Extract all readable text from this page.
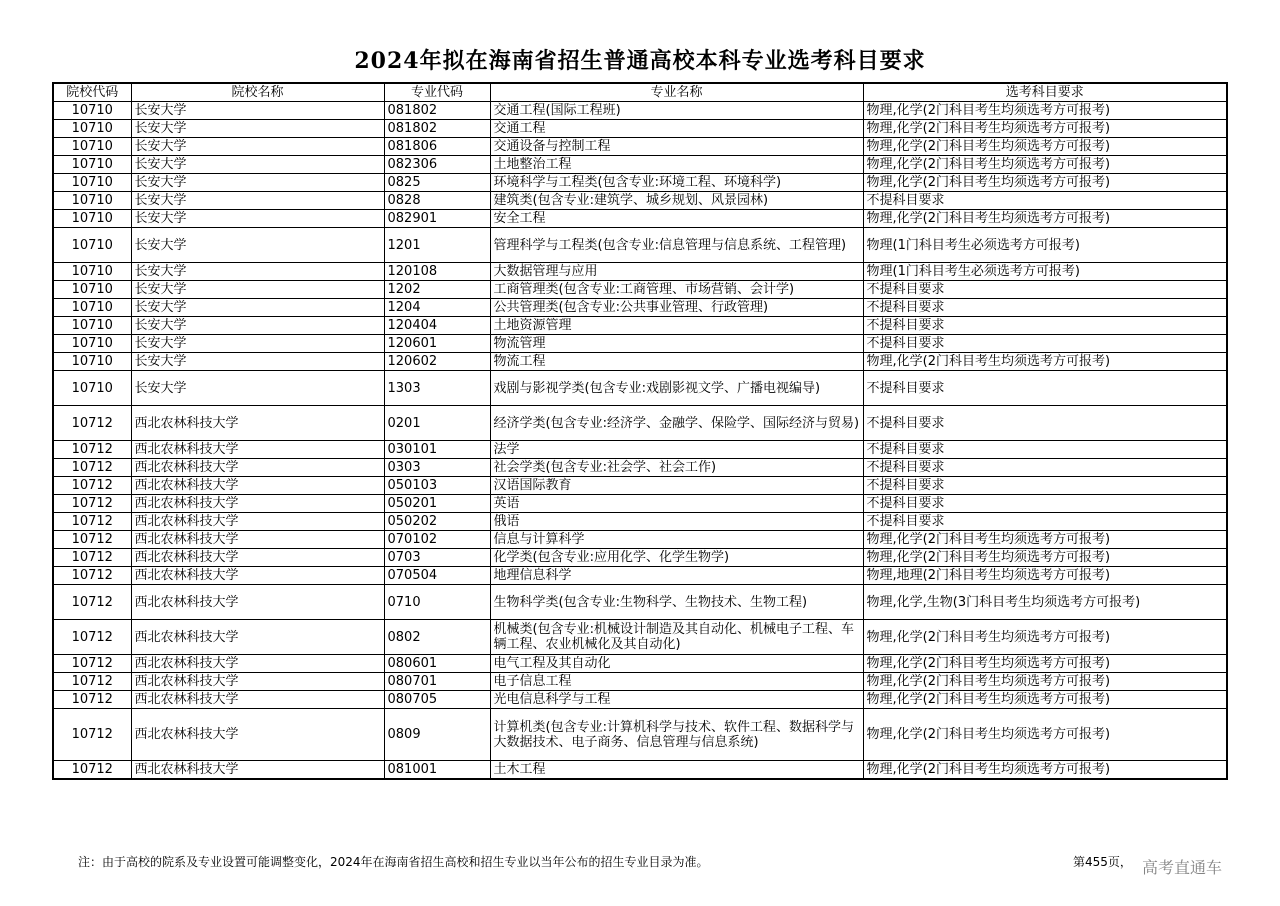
2024年拟在海南省招生普通高校本科专业选考科目要求
院校代码	院校名称	专业代码	专业名称	选考科目要求
10710	长安大学	081802	交通工程(国际工程班)	物理,化学(2门科目考生均须选考方可报考)
10710	长安大学	081802	交通工程	物理,化学(2门科目考生均须选考方可报考)
10710	长安大学	081806	交通设备与控制工程	物理,化学(2门科目考生均须选考方可报考)
10710	长安大学	082306	土地整治工程	物理,化学(2门科目考生均须选考方可报考)
10710	长安大学	0825	环境科学与工程类(包含专业:环境工程、环境科学)	物理,化学(2门科目考生均须选考方可报考)
10710	长安大学	0828	建筑类(包含专业:建筑学、城乡规划、风景园林)	不提科目要求
10710	长安大学	082901	安全工程	物理,化学(2门科目考生均须选考方可报考)
10710	长安大学	1201	管理科学与工程类(包含专业:信息管理与信息系统、工程管理)	物理(1门科目考生必须选考方可报考)
10710	长安大学	120108	大数据管理与应用	物理(1门科目考生必须选考方可报考)
10710	长安大学	1202	工商管理类(包含专业:工商管理、市场营销、会计学)	不提科目要求
10710	长安大学	1204	公共管理类(包含专业:公共事业管理、行政管理)	不提科目要求
10710	长安大学	120404	土地资源管理	不提科目要求
10710	长安大学	120601	物流管理	不提科目要求
10710	长安大学	120602	物流工程	物理,化学(2门科目考生均须选考方可报考)
10710	长安大学	1303	戏剧与影视学类(包含专业:戏剧影视文学、广播电视编导)	不提科目要求
10712	西北农林科技大学	0201	经济学类(包含专业:经济学、金融学、保险学、国际经济与贸易)	不提科目要求
10712	西北农林科技大学	030101	法学	不提科目要求
10712	西北农林科技大学	0303	社会学类(包含专业:社会学、社会工作)	不提科目要求
10712	西北农林科技大学	050103	汉语国际教育	不提科目要求
10712	西北农林科技大学	050201	英语	不提科目要求
10712	西北农林科技大学	050202	俄语	不提科目要求
10712	西北农林科技大学	070102	信息与计算科学	物理,化学(2门科目考生均须选考方可报考)
10712	西北农林科技大学	0703	化学类(包含专业:应用化学、化学生物学)	物理,化学(2门科目考生均须选考方可报考)
10712	西北农林科技大学	070504	地理信息科学	物理,地理(2门科目考生均须选考方可报考)
10712	西北农林科技大学	0710	生物科学类(包含专业:生物科学、生物技术、生物工程)	物理,化学,生物(3门科目考生均须选考方可报考)
10712	西北农林科技大学	0802	机械类(包含专业:机械设计制造及其自动化、机械电子工程、车辆工程、农业机械化及其自动化)	物理,化学(2门科目考生均须选考方可报考)
10712	西北农林科技大学	080601	电气工程及其自动化	物理,化学(2门科目考生均须选考方可报考)
10712	西北农林科技大学	080701	电子信息工程	物理,化学(2门科目考生均须选考方可报考)
10712	西北农林科技大学	080705	光电信息科学与工程	物理,化学(2门科目考生均须选考方可报考)
10712	西北农林科技大学	0809	计算机类(包含专业:计算机科学与技术、软件工程、数据科学与大数据技术、电子商务、信息管理与信息系统)	物理,化学(2门科目考生均须选考方可报考)
10712	西北农林科技大学	081001	土木工程	物理,化学(2门科目考生均须选考方可报考)
注：由于高校的院系及专业设置可能调整变化，2024年在海南省招生高校和招生专业以当年公布的招生专业目录为准。	第455页， 高考直通车
